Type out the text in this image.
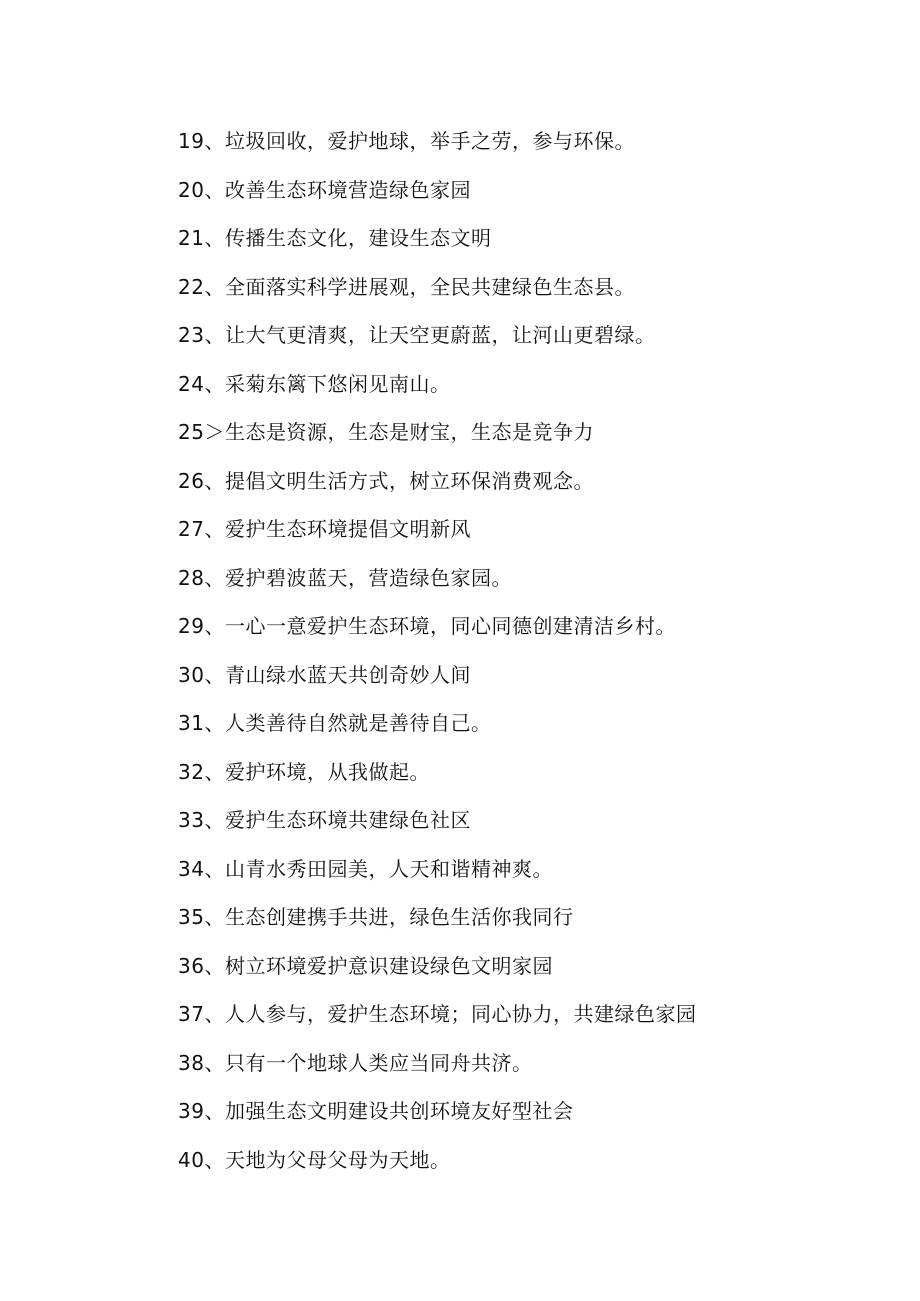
19、垃圾回收，爱护地球，举手之劳，参与环保。
20、改善生态环境营造绿色家园
21、传播生态文化，建设生态文明
22、全面落实科学进展观，全民共建绿色生态县。
23、让大气更清爽，让天空更蔚蓝，让河山更碧绿。
24、采菊东篱下悠闲见南山。
25＞生态是资源，生态是财宝，生态是竞争力
26、提倡文明生活方式，树立环保消费观念。
27、爱护生态环境提倡文明新风
28、爱护碧波蓝天，营造绿色家园。
29、一心一意爱护生态环境，同心同德创建清洁乡村。
30、青山绿水蓝天共创奇妙人间
31、人类善待自然就是善待自己。
32、爱护环境，从我做起。
33、爱护生态环境共建绿色社区
34、山青水秀田园美，人天和谐精神爽。
35、生态创建携手共进，绿色生活你我同行
36、树立环境爱护意识建设绿色文明家园
37、人人参与，爱护生态环境；同心协力，共建绿色家园
38、只有一个地球人类应当同舟共济。
39、加强生态文明建设共创环境友好型社会
40、天地为父母父母为天地。
